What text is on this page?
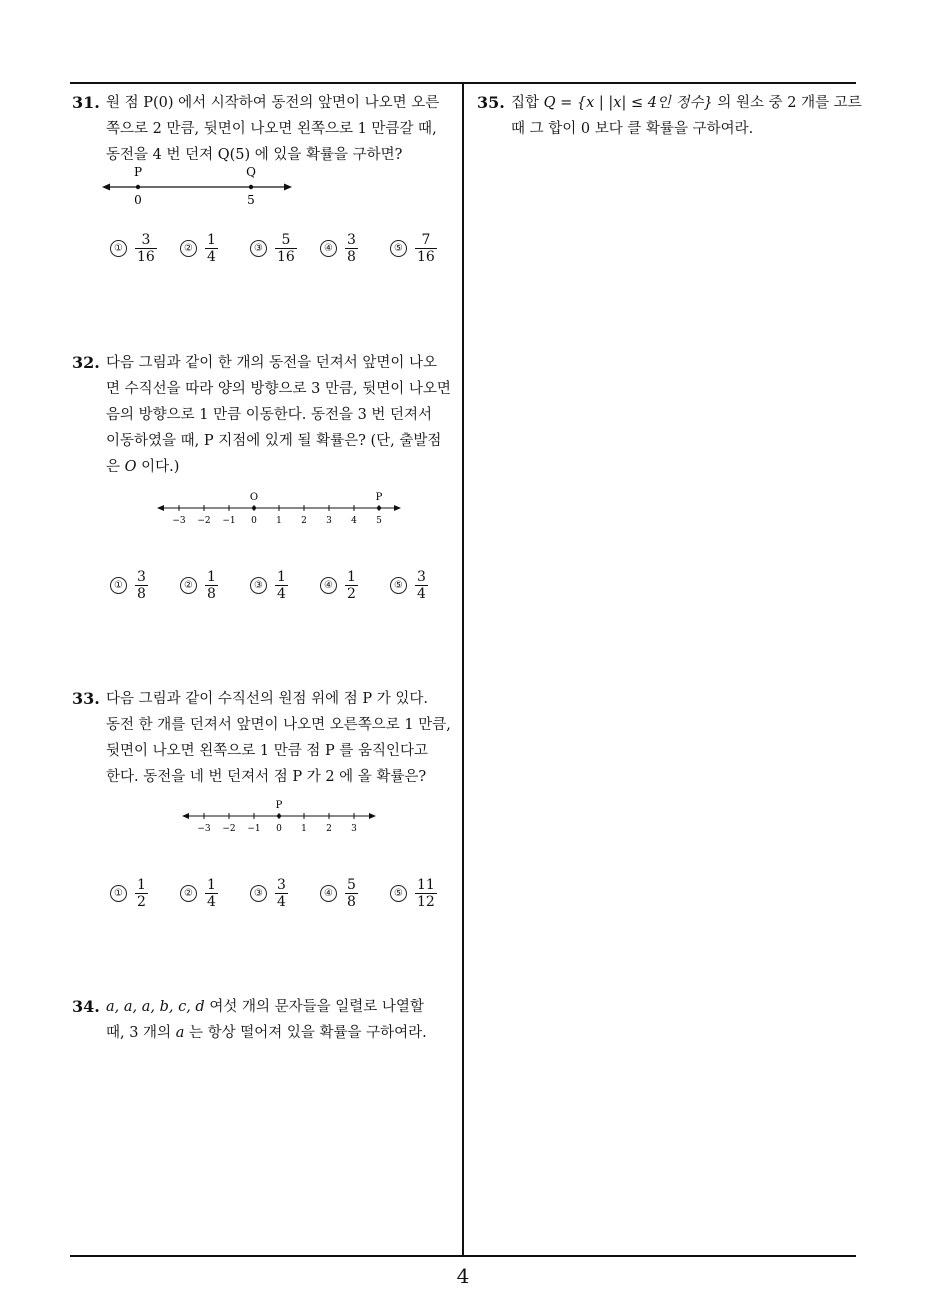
31. 원 점 P(0) 에서 시작하여 동전의 앞면이 나오면 오른
쪽으로 2 만큼, 뒷면이 나오면 왼쪽으로 1 만큼갈 때,
동전을 4 번 던져 Q(5) 에 있을 확률을 구하면?
P	Q
0	5
① $\frac{3}{16}$	② $\frac{1}{4}$	③ $\frac{5}{16}$	④ $\frac{3}{8}$	⑤ $\frac{7}{16}$
32. 다음 그림과 같이 한 개의 동전을 던져서 앞면이 나오
면 수직선을 따라 양의 방향으로 3 만큼, 뒷면이 나오면
음의 방향으로 1 만큼 이동한다. 동전을 3 번 던져서
이동하였을 때, P 지점에 있게 될 확률은? (단, 출발점
은 O 이다.)
O	P
−3 −2 −1 0 1 2 3 4 5
① $\frac{3}{8}$	② $\frac{1}{8}$	③ $\frac{1}{4}$	④ $\frac{1}{2}$	⑤ $\frac{3}{4}$
33. 다음 그림과 같이 수직선의 원점 위에 점 P 가 있다.
동전 한 개를 던져서 앞면이 나오면 오른쪽으로 1 만큼,
뒷면이 나오면 왼쪽으로 1 만큼 점 P 를 움직인다고
한다. 동전을 네 번 던져서 점 P 가 2 에 올 확률은?
P
−3 −2 −1 0 1 2 3
① $\frac{1}{2}$	② $\frac{1}{4}$	③ $\frac{3}{4}$	④ $\frac{5}{8}$	⑤ $\frac{11}{12}$
34. a, a, a, b, c, d 여섯 개의 문자들을 일렬로 나열할
때, 3 개의 a 는 항상 떨어져 있을 확률을 구하여라.
35. 집합 Q = {x | |x| ≤ 4인 정수} 의 원소 중 2 개를 고르
때 그 합이 0 보다 클 확률을 구하여라.
4
